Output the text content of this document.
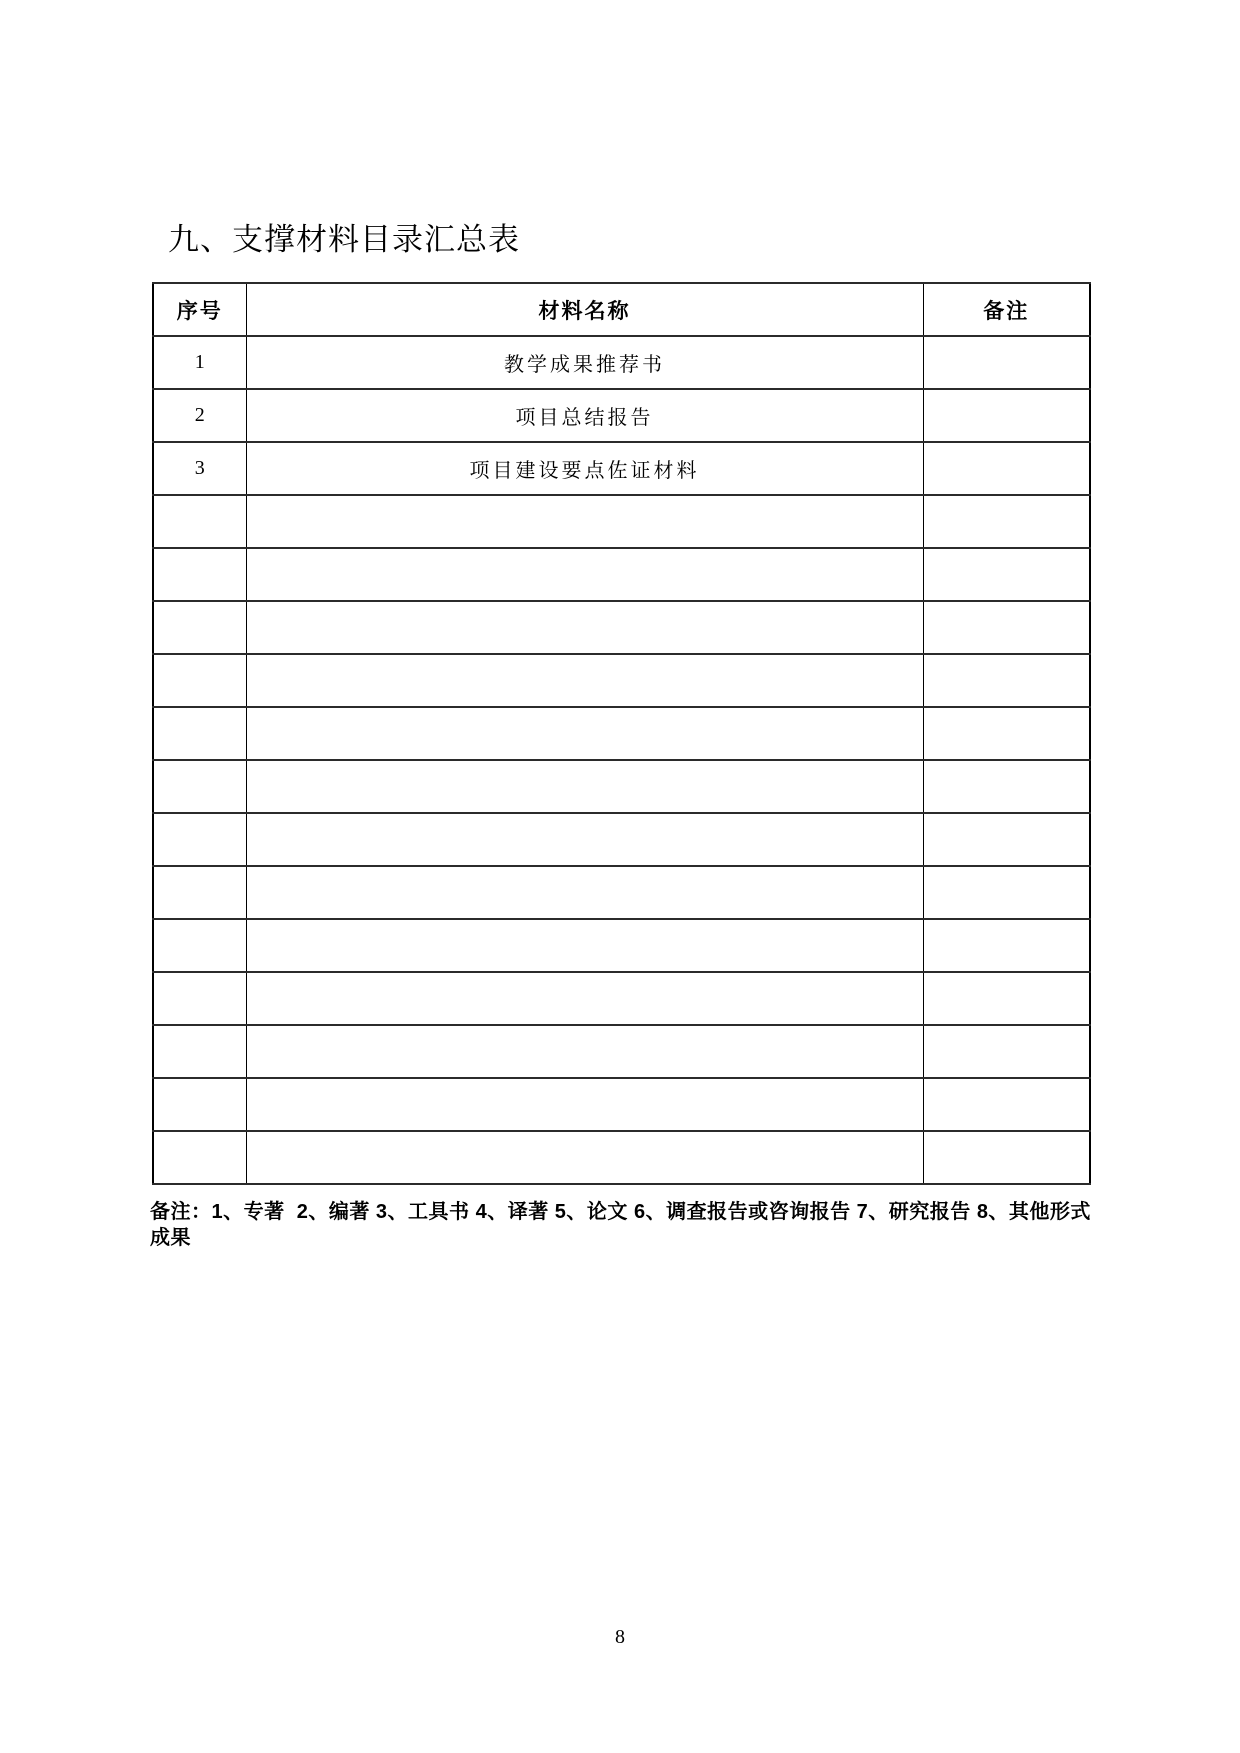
九、支撑材料目录汇总表
序号	材料名称	备注
1	教学成果推荐书	
2	项目总结报告	
3	项目建设要点佐证材料	

备注：1、专著  2、编著 3、工具书 4、译著 5、论文 6、调查报告或咨询报告 7、研究报告 8、其他形式成果
8
